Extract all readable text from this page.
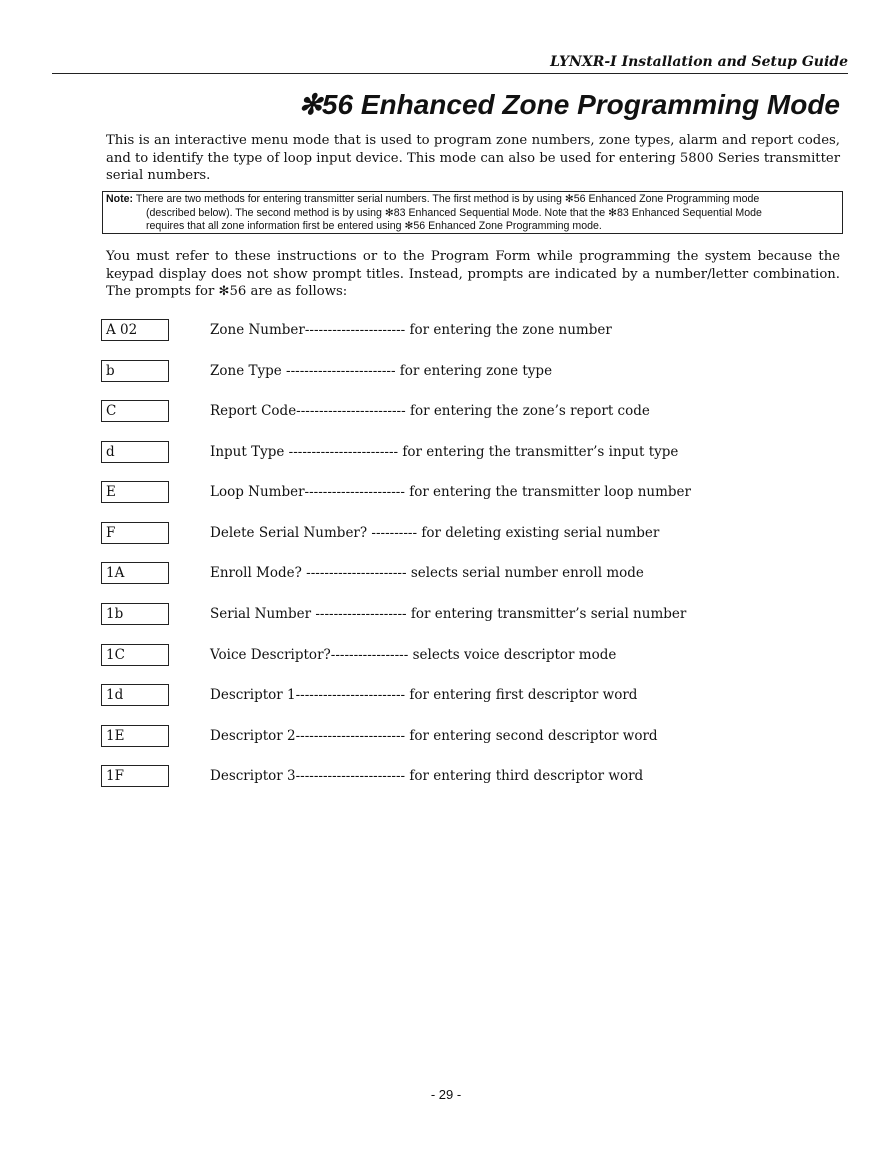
LYNXR-I Installation and Setup Guide
✻56 Enhanced Zone Programming Mode

This is an interactive menu mode that is used to program zone numbers, zone types, alarm and report codes, and to identify the type of loop input device. This mode can also be used for entering 5800 Series transmitter serial numbers.

Note: There are two methods for entering transmitter serial numbers. The first method is by using ✻56 Enhanced Zone Programming mode
(described below). The second method is by using ✻83 Enhanced Sequential Mode. Note that the ✻83 Enhanced Sequential Mode
requires that all zone information first be entered using ✻56 Enhanced Zone Programming mode.

You must refer to these instructions or to the Program Form while programming the system because the keypad display does not show prompt titles. Instead, prompts are indicated by a number/letter combination. The prompts for ✻56 are as follows:

A 02	Zone Number---------------------- for entering the zone number
b	Zone Type ------------------------ for entering zone type
C	Report Code------------------------ for entering the zone’s report code
d	Input Type ------------------------ for entering the transmitter’s input type
E	Loop Number---------------------- for entering the transmitter loop number
F	Delete Serial Number? ---------- for deleting existing serial number
1A	Enroll Mode? ---------------------- selects serial number enroll mode
1b	Serial Number -------------------- for entering transmitter’s serial number
1C	Voice Descriptor?----------------- selects voice descriptor mode
1d	Descriptor 1------------------------ for entering first descriptor word
1E	Descriptor 2------------------------ for entering second descriptor word
1F	Descriptor 3------------------------ for entering third descriptor word
- 29 -
